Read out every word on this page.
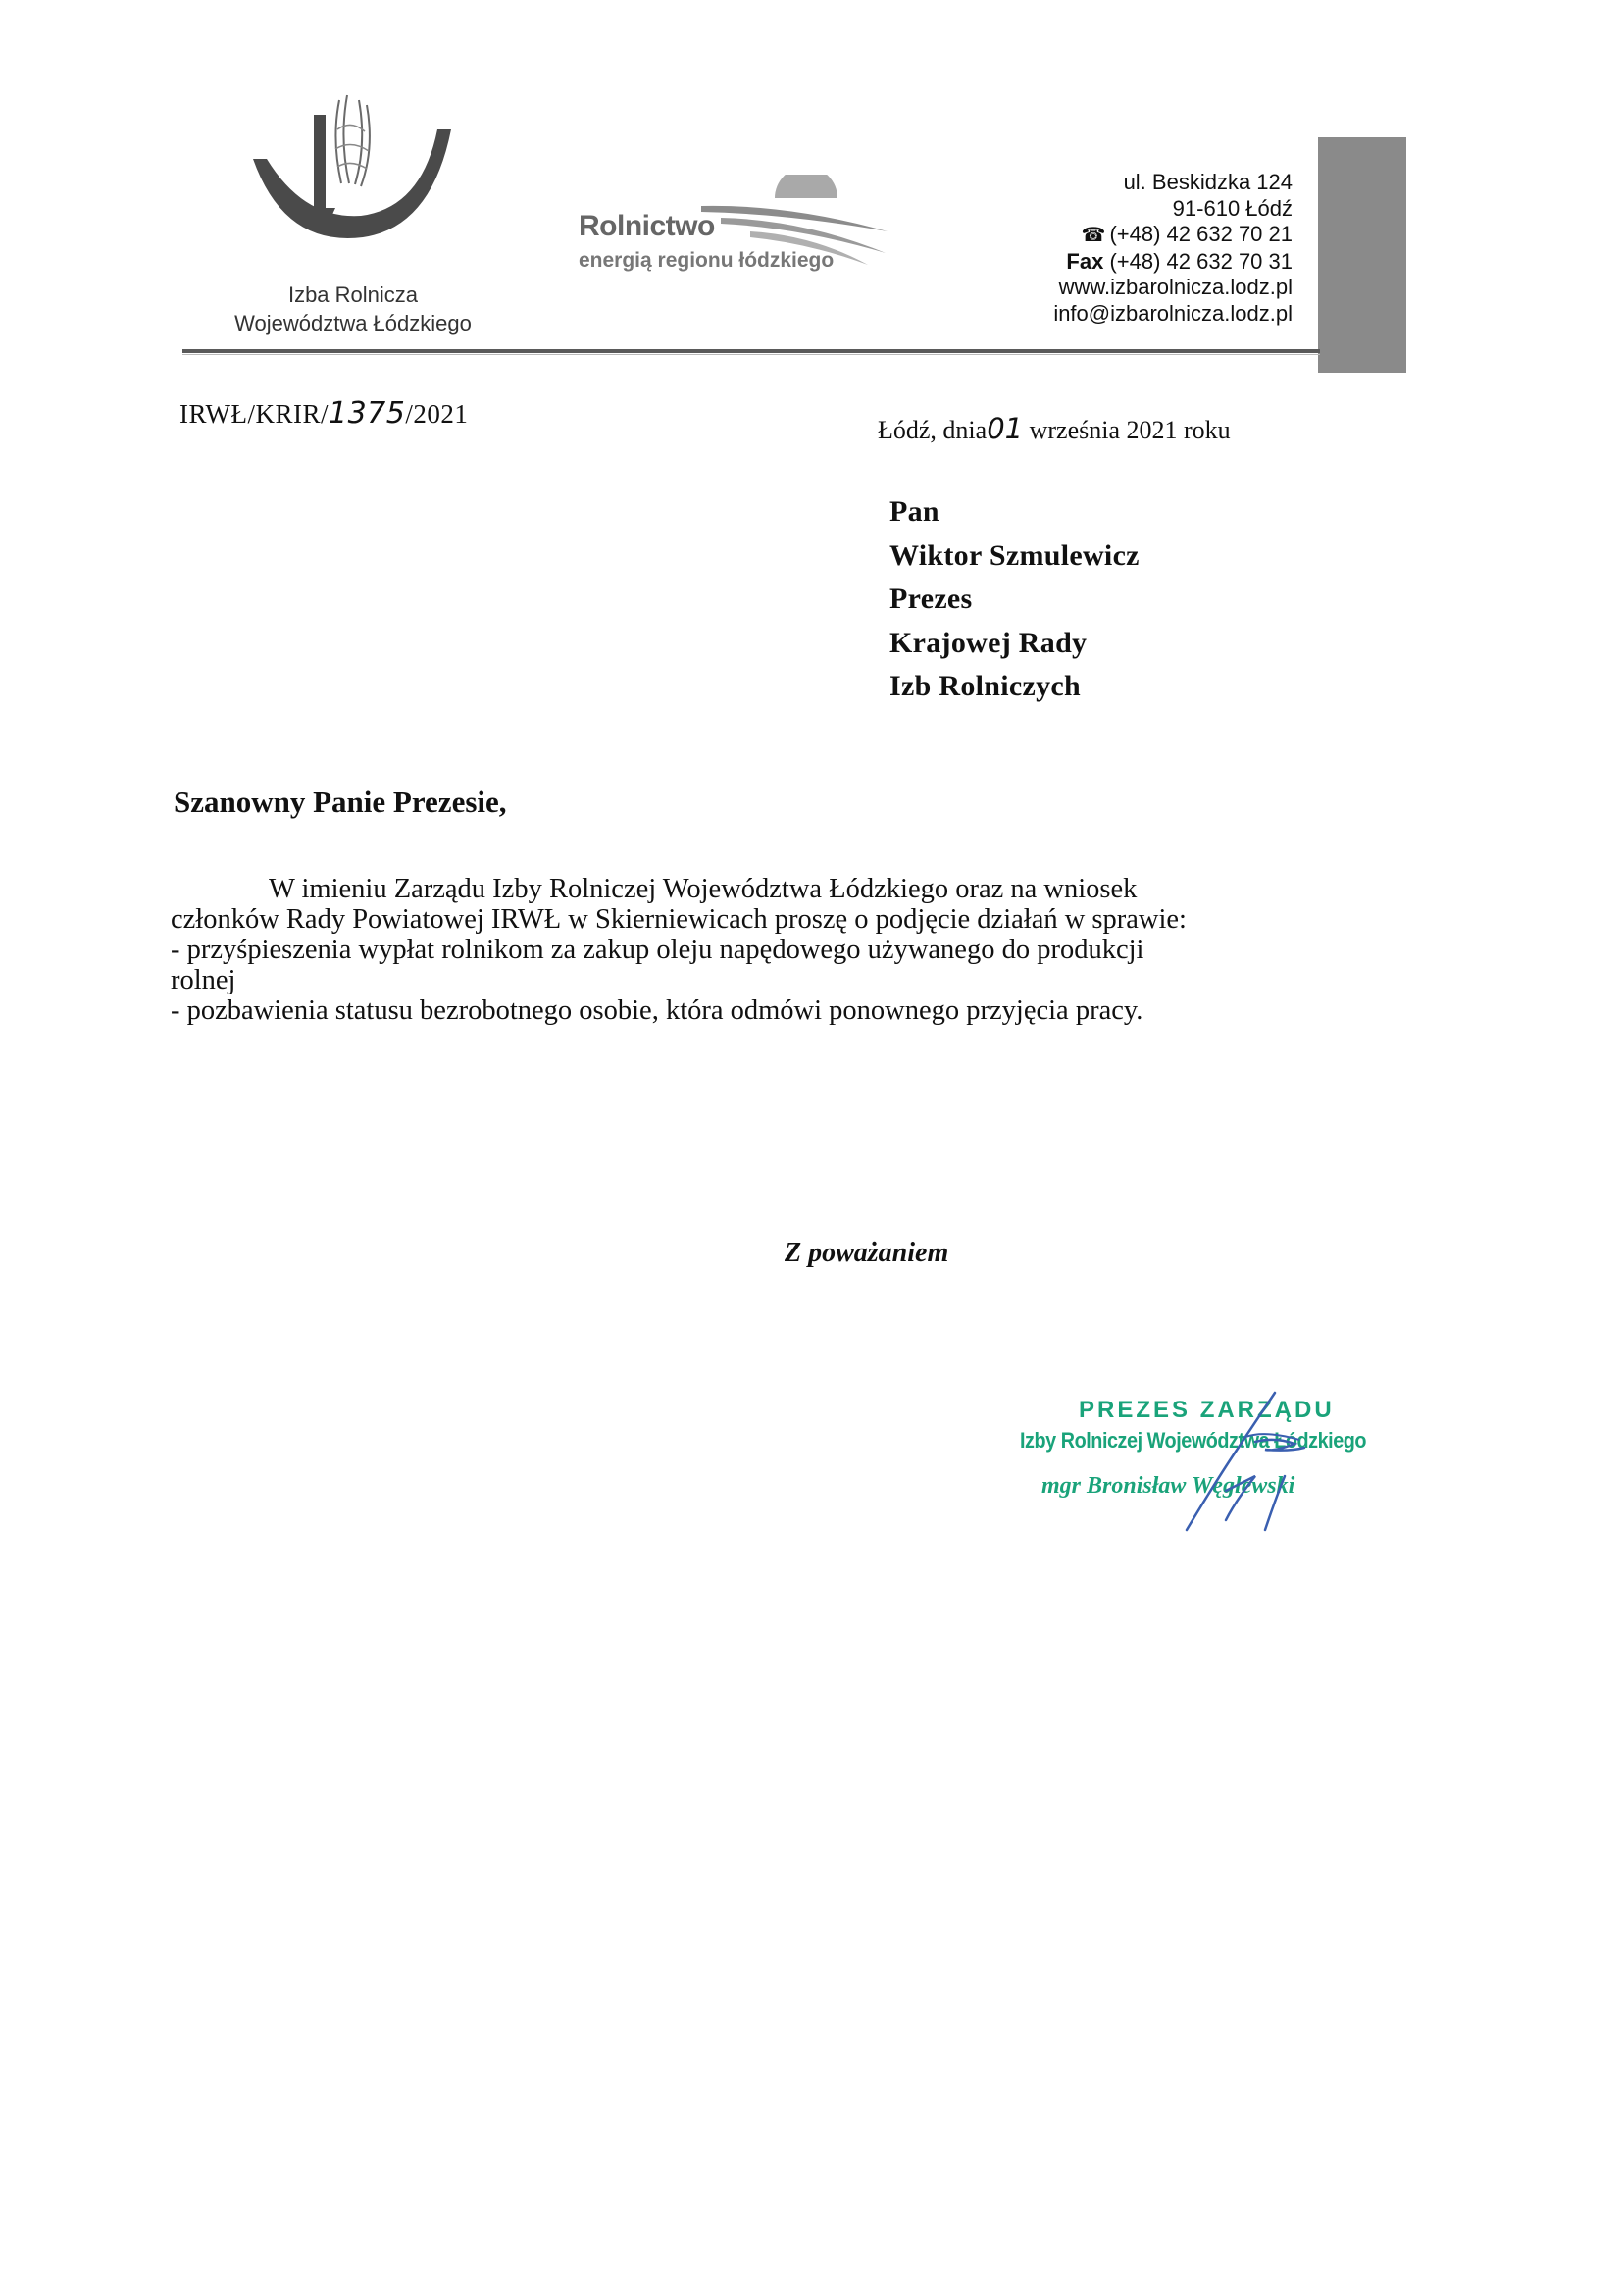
Izba Rolnicza
Województwa Łódzkiego
Rolnictwo
energią regionu łódzkiego
ul. Beskidzka 124
91-610 Łódź
☎ (+48) 42 632 70 21
Fax (+48) 42 632 70 31
www.izbarolnicza.lodz.pl
info@izbarolnicza.lodz.pl
IRWŁ/KRIR/1375/2021
Łódź, dnia01 września 2021 roku
Pan
Wiktor Szmulewicz
Prezes
Krajowej Rady
Izb Rolniczych
Szanowny Panie Prezesie,

W imieniu Zarządu Izby Rolniczej Województwa Łódzkiego oraz na wniosek

członków Rady Powiatowej IRWŁ w Skierniewicach proszę o podjęcie działań w sprawie:

- przyśpieszenia wypłat rolnikom za zakup oleju napędowego używanego do produkcji

rolnej

- pozbawienia statusu bezrobotnego osobie, która odmówi ponownego przyjęcia pracy.

Z poważaniem
PREZES ZARZĄDU
Izby Rolniczej Województwa Łódzkiego
mgr Bronisław Węglewski
